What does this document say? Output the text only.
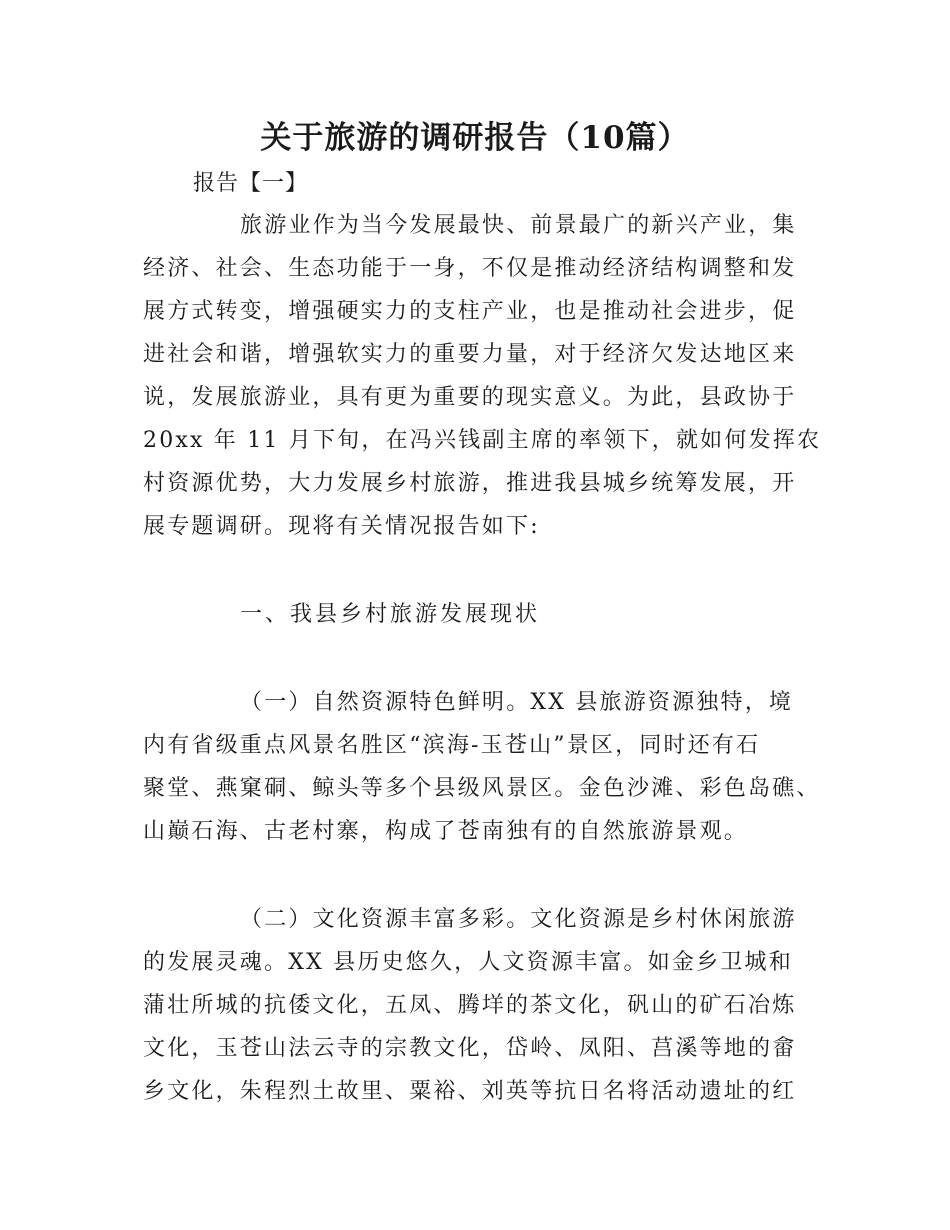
关于旅游的调研报告（10篇）
报告【一】
旅游业作为当今发展最快、前景最广的新兴产业，集
经济、社会、生态功能于一身，不仅是推动经济结构调整和发
展方式转变，增强硬实力的支柱产业，也是推动社会进步，促
进社会和谐，增强软实力的重要力量，对于经济欠发达地区来
说，发展旅游业，具有更为重要的现实意义。为此，县政协于
20xx 年 11 月下旬，在冯兴钱副主席的率领下，就如何发挥农
村资源优势，大力发展乡村旅游，推进我县城乡统筹发展，开
展专题调研。现将有关情况报告如下:
一、我县乡村旅游发展现状
（一）自然资源特色鲜明。XX 县旅游资源独特，境
内有省级重点风景名胜区“滨海-玉苍山”景区，同时还有石
聚堂、燕窠硐、鲸头等多个县级风景区。金色沙滩、彩色岛礁、
山巅石海、古老村寨，构成了苍南独有的自然旅游景观。
（二）文化资源丰富多彩。文化资源是乡村休闲旅游
的发展灵魂。XX 县历史悠久，人文资源丰富。如金乡卫城和
蒲壮所城的抗倭文化，五凤、腾垟的茶文化，矾山的矿石冶炼
文化，玉苍山法云寺的宗教文化，岱岭、凤阳、莒溪等地的畲
乡文化，朱程烈土故里、粟裕、刘英等抗日名将活动遗址的红
